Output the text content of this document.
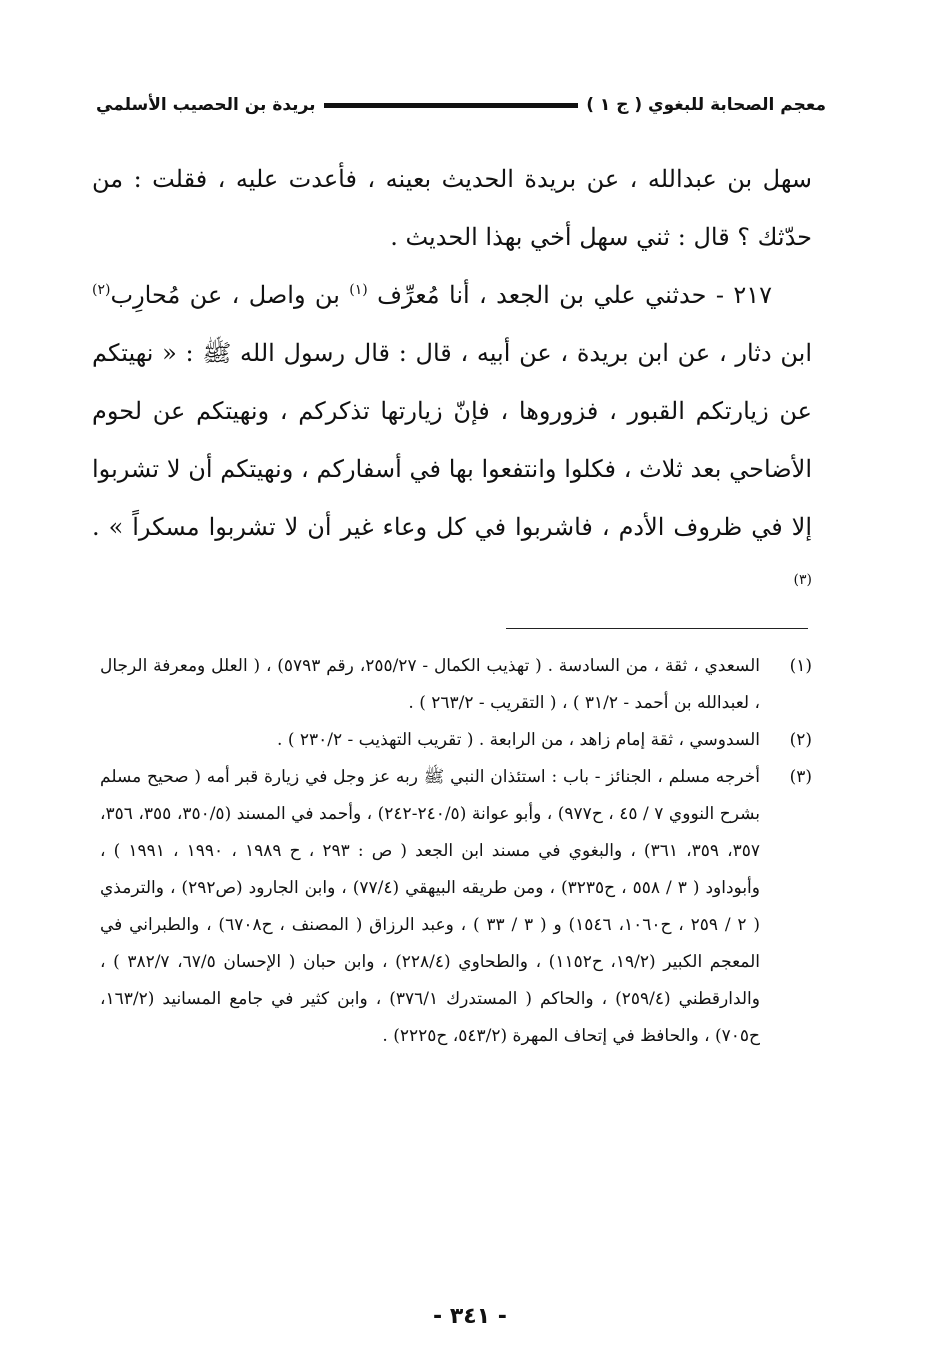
معجم الصحابة للبغوي ( ج ١ )
بريدة بن الحصيب الأسلمي

سهل بن عبدالله ، عن بريدة الحديث بعينه ، فأعدت عليه ، فقلت : من حدّثك ؟ قال : ثني سهل أخي بهذا الحديث .

٢١٧ - حدثني علي بن الجعد ، أنا مُعرِّف $^{(١)}$ بن واصل ، عن مُحارِب$^{(٢)}$ ابن دثار ، عن ابن بريدة ، عن أبيه ، قال : قال رسول الله ﷺ : « نهيتكم عن زيارتكم القبور ، فزوروها ، فإنّ زيارتها تذكركم ، ونهيتكم عن لحوم الأضاحي بعد ثلاث ، فكلوا وانتفعوا بها في أسفاركم ، ونهيتكم أن لا تشربوا إلا في ظروف الأدم ، فاشربوا في كل وعاء غير أن لا تشربوا مسكراً » . $^{(٣)}$

(١)
السعدي ، ثقة ، من السادسة . ( تهذيب الكمال - ٢٥٥/٢٧، رقم ٥٧٩٣) ، ( العلل ومعرفة الرجال ، لعبدالله بن أحمد - ٣١/٢ ) ، ( التقريب - ٢٦٣/٢ ) .
(٢)
السدوسي ، ثقة إمام زاهد ، من الرابعة . ( تقريب التهذيب - ٢٣٠/٢ ) .
(٣)
أخرجه مسلم ، الجنائز - باب : استئذان النبي ﷺ ربه عز وجل في زيارة قبر أمه ( صحيح مسلم بشرح النووي ٧ / ٤٥ ، ح٩٧٧) ، وأبو عوانة (٢٤٠/٥-٢٤٢) ، وأحمد في المسند (٣٥٠/٥، ٣٥٥، ٣٥٦، ٣٥٧، ٣٥٩، ٣٦١) ، والبغوي في مسند ابن الجعد ( ص : ٢٩٣ ، ح ١٩٨٩ ، ١٩٩٠ ، ١٩٩١ ) ، وأبوداود ( ٣ / ٥٥٨ ، ح٣٢٣٥) ، ومن طريقه البيهقي (٧٧/٤) ، وابن الجارود (ص٢٩٢) ، والترمذي ( ٢ / ٢٥٩ ، ح١٠٦٠، ١٥٤٦) و ( ٣ / ٣٣ ) ، وعبد الرزاق ( المصنف ، ح٦٧٠٨) ، والطبراني في المعجم الكبير (١٩/٢، ح١١٥٢) ، والطحاوي (٢٢٨/٤) ، وابن حبان ( الإحسان ٦٧/٥، ٣٨٢/٧ ) ، والدارقطني (٢٥٩/٤) ، والحاكم ( المستدرك ٣٧٦/١) ، وابن كثير في جامع المسانيد (١٦٣/٢، ح٧٠٥) ، والحافظ في إتحاف المهرة (٥٤٣/٢، ح٢٢٢٥) .
- ٣٤١ -
